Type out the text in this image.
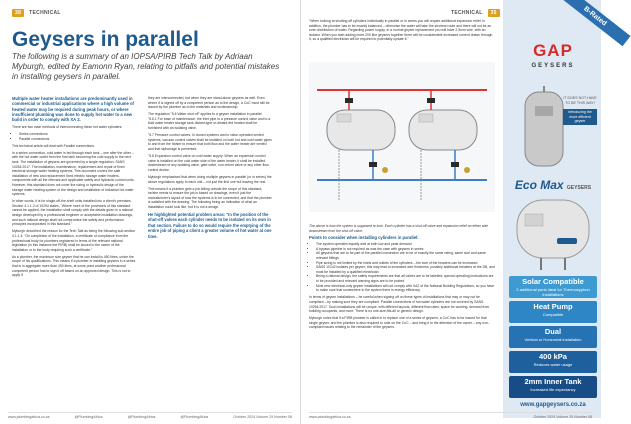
38	TECHNICAL
Geysers in parallel

The following is a summary of an IOPSA/PIRB Tech Talk by Adriaan Myburgh, edited by Eamonn Ryan, relating to pitfalls and potential mistakes in installing geysers in parallel.

Multiple water heater installations are predominantly used in commercial or industrial applications where a high volume of heated water may be required during peak hours, or where insufficient plumbing was done to supply hot water to a new build in order to comply with XA 2.

There are two main methods of interconnecting these hot water cylinders:

• Series connections
• Parallel connections

This technical article will deal with Parallel connections.

In a series connection, cold water is fed through each tank – one after the other – with the hot water outlet from the first tank becoming the cold supply to the next tank. The installation of geysers are governed by a single regulation, SANS 10254:2017. The installation, maintenance, replacement and repair of fixed electrical storage water heating systems. This document covers the safe installation of new and replacement fixed electric storage water heaters, components with all the relevant and applicable safety and hydraulic control units. However, this standard does not cover the sizing or hydraulic design of the storage water heating system or the design and installation of industrial hot water systems.

In other words, it is for single-off-the-shelf units installed into a client's premises. Section 4.1.1.2 of 10254 states, "Where more of the provisions of this standard cannot be applied, the installation shall comply with the details given in a rational design developed by a professional engineer or acceptable installation drawings, and such rational design shall not compromise the safety and performance principles incorporated in this standard."

Myburgh described the reason for the Tech Talk as being the following sub-section 4.1.1.4: "On completion of the installation, a certificate of compliance from the professional body for plumbers registered in terms of the relevant national legislation (in this instance the PIRB) shall be issued to the owner of the installation or to the body requiring such a certificate."

As a plumber, the maximum size geyser that he can install is 450 litres, under the scope of his qualifications. This means if a plumber is installing geysers in a series that is in aggregate more than 450 litres, at some point another professional competent person has to sign it off based on an approved design. This is not to apply if

they are interconnected, but when they are stand-alone geysers as well. Even where it is signed off by a competent person as to the design, a CoC must still be issued by the plumber as to the materials and workmanship.

The regulation "5.6 Water shut off" applies to a geyser installation in parallel: "5.6.1 For ease of maintenance, the inlet pipe to a pressure control valve and to a fluid water heater storage tank-distant-type or-distant-fed heated shall be furnished with an isolating valve.

"5.7 Pressure control valves: In closed systems and in valve-operated vented systems, vacuum control valves shall be installed on both hot and cold water pipes to and from the heater to ensure that both flow and the water heater are vented and that siphonage is prevented.

"5.8 Expansion control valve on cold water supply: When an expansion control valve is installed on the cold water side of the water heater, it shall be installed downstream of any isolating valve, gate valve, non-return valve or any other flow-control device.

Myburgh emphasised that when doing multiple geysers in parallel (or in series) the above regulations apply to each unit – not just the first one but leaving the rest.

This means if a plumber gets a job telling outside the scope of this standard, he/she needs to ensure the job is based on drawings, even if just the manufacturer's layout of how the systems is to be connected, and that the plumber is satisfied with the drawing. The following being an indication of what an installation could look like, but it is not a design.

He highlighted potential problem areas: "In the position of the shut-off valves each cylinder needs to be isolated on its own in that section. Failure to do so would require the emptying of the entire job of piping a client a greater volume of hot water at one time.

www.plumbingafrica.co.za	@PlumbingAfrica	@PlumbingAfrica	@PlumbingAfrica	October 2024 Volume 29 Number 08
TECHNICAL	35

"When looking at shutting off cylinders individually in parallel or in series you will require additional expansion relief. In addition, the plumber has to be exactly balanced – otherwise the water will take the shortest route and there will not be an even distribution of water. Regarding power supply, in a normal geyser replacement you will have 2.5mm wire, with an isolator. When you start adding more 200 litre geysers together there will be considerable increased current drawn through it, so a qualified electrician will be required to potentially update it."

The above is how the system is supposed to look. Each cylinder has a shut-off valve and expansion relief on either side downstream from the shut-off valve.

Points to consider when installing cylinders in parallel:
• The system operates equally well at both low and peak demand
• A bypass pipeline is not required as was the case with geysers in series
• All geysers that are to be part of the parallel connection are to be of exactly the same rating, same size and same relevant fittings
• Pipe sizing is not limited by the inlets and outlets of the cylinders – the size of the headers can be increased
• SANS 10142 isolates per geyser; this may lead to increased wire thickness, possibly additional breakers at the DB, and must be installed by a qualified electrician
• Being a rational design, the safety requirements are that all valves are to be labelled; special operating instructions are to be provided and relevant warning signs are to be posted
• Most new electrical-only geyser installations will not comply with XA2 of the National Building Regulations, so you have to make sure that somewhere in the system there is energy efficiency

In terms of geyser installations – be careful when signing off on these types of installations that may or may not be compliant – by making sure they are compliant. Parallel connections of hot water cylinders are not covered by SANS 10254:2017. Such installations will be unique, with different layouts, different flow rates, space for working, demand from building occupants, and more. There is no one-size-fits-all or generic design.

Myburgh notes that if a PIRB plumber is called in to replace one of a series of geysers, a CoC has to be issued for that single geyser, and the plumber is also required to note on the CoC – and bring it to the attention of the owner – any non-compliant issues relating to the remainder of the geysers.

B-Rated
GAP
GEYSERS
IT DOES NOT HAVE TO BE THIS WAY!
introducing the more efficient geyser
Eco Max GEYSERS
Solar Compatible
2 additional ports ideal for Thermosyphon installations
Heat Pump
Compatible
Dual
Vertical or Horizontal installation
400 kPa
Reduces water usage
2mm Inner Tank
Increased life expectancy
www.gapgeysers.co.za
www.plumbingafrica.co.za	October 2024 Volume 29 Number 08
